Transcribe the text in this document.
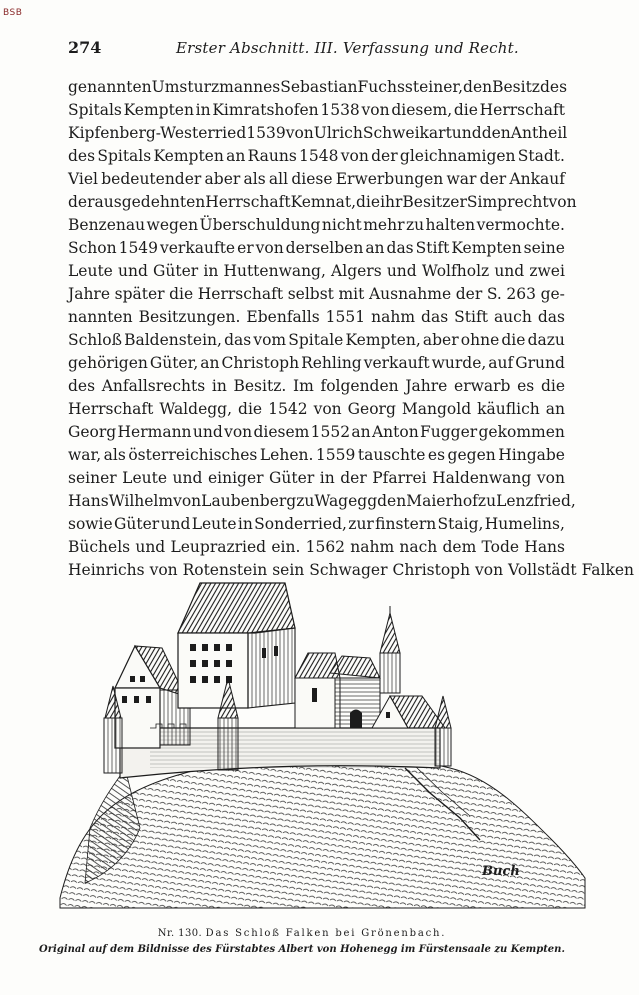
BSB
274	Erster Abschnitt. III. Verfassung und Recht.
genannten Umsturzmannes Sebastian Fuchssteiner, den Besitz des
Spitals Kempten in Kimratshofen 1538 von diesem, die Herrschaft
Kipfenberg-Westerried 1539 von Ulrich Schweikart und den Antheil
des Spitals Kempten an Rauns 1548 von der gleichnamigen Stadt.
Viel bedeutender aber als all diese Erwerbungen war der Ankauf
der ausgedehnten Herrschaft Kemnat, die ihr Besitzer Simprecht von
Benzenau wegen Überschuldung nicht mehr zu halten vermochte.
Schon 1549 verkaufte er von derselben an das Stift Kempten seine
Leute und Güter in Huttenwang, Algers und Wolfholz und zwei
Jahre später die Herrschaft selbst mit Ausnahme der S. 263 ge-
nannten Besitzungen. Ebenfalls 1551 nahm das Stift auch das
Schloß Baldenstein, das vom Spitale Kempten, aber ohne die dazu
gehörigen Güter, an Christoph Rehling verkauft wurde, auf Grund
des Anfallsrechts in Besitz. Im folgenden Jahre erwarb es die
Herrschaft Waldegg, die 1542 von Georg Mangold käuflich an
Georg Hermann und von diesem 1552 an Anton Fugger gekommen
war, als österreichisches Lehen. 1559 tauschte es gegen Hingabe
seiner Leute und einiger Güter in der Pfarrei Haldenwang von
Hans Wilhelm von Laubenberg zu Wagegg den Maierhof zu Lenzfried,
sowie Güter und Leute in Sonderried, zur finstern Staig, Humelins,
Büchels und Leuprazried ein. 1562 nahm nach dem Tode Hans
Heinrichs
von
Rotenstein
sein
Schwager
Christoph
von
Vollstädt
Falken

Buch
Nr. 130. Das Schloß Falken bei Grönenbach.
Original auf dem Bildnisse des Fürstabtes Albert von Hohenegg im Fürstensaale zu Kempten.
